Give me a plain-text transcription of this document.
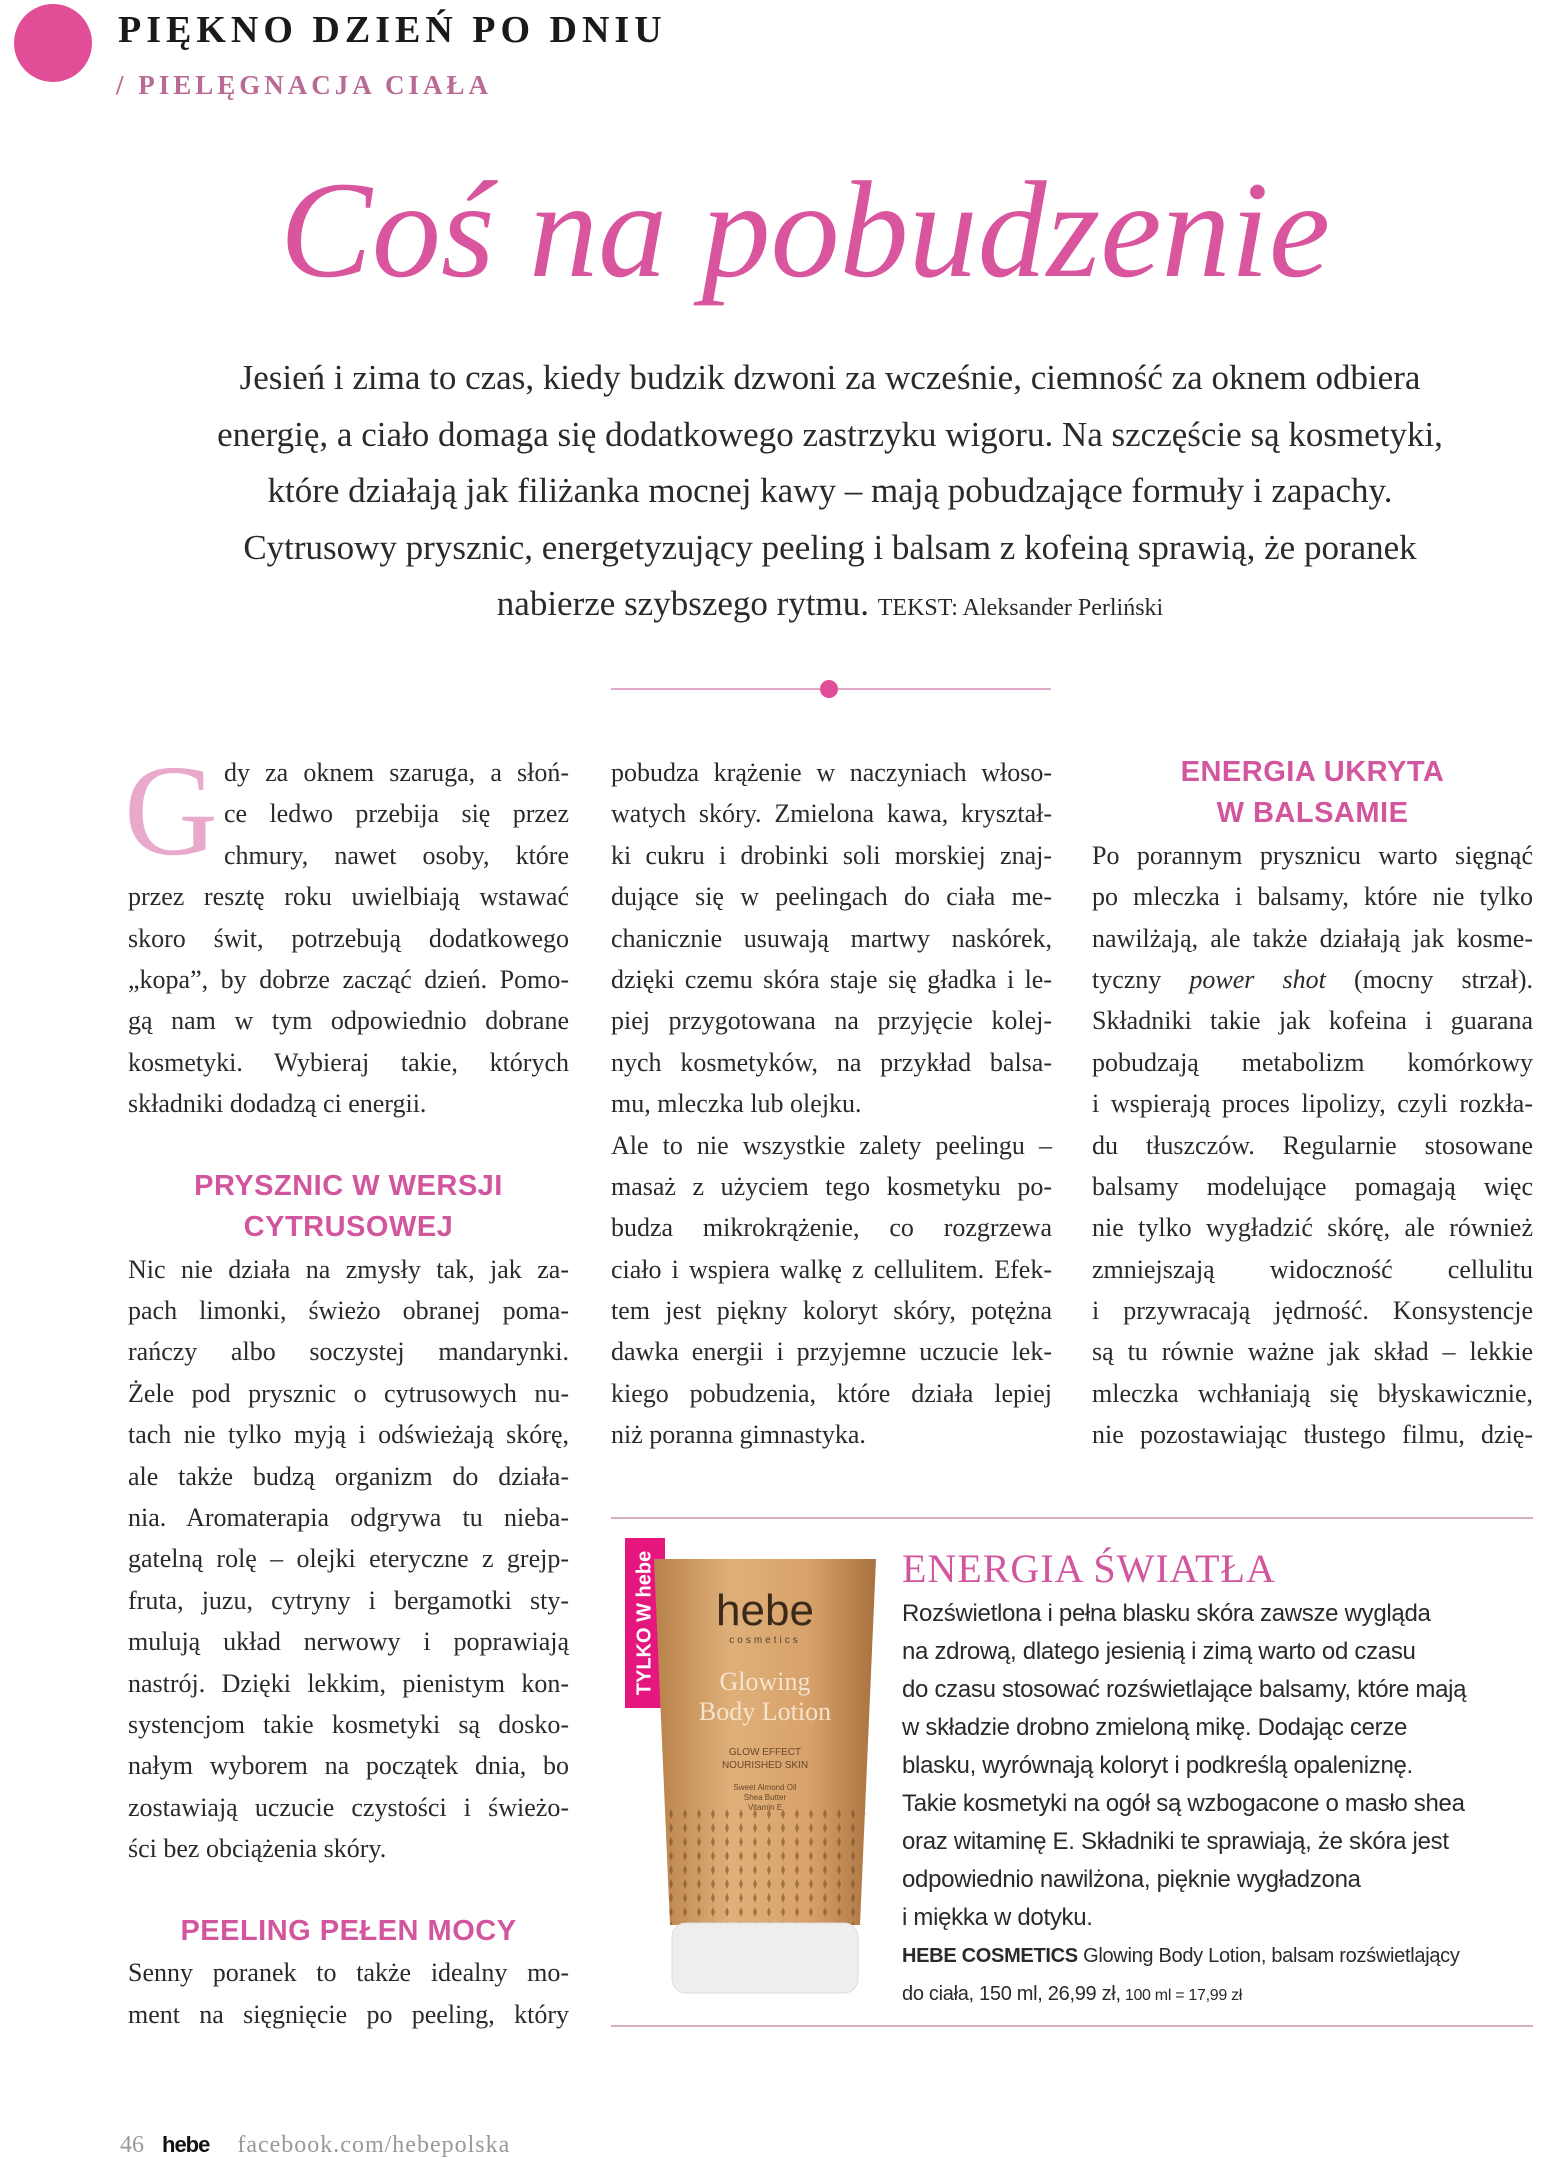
PIĘKNO DZIEŃ PO DNIU
/ PIELĘGNACJA CIAŁA
Coś na pobudzenie
Jesień i zima to czas, kiedy budzik dzwoni za wcześnie, ciemność za oknem odbiera
energię, a ciało domaga się dodatkowego zastrzyku wigoru. Na szczęście są kosmetyki,
które działają jak filiżanka mocnej kawy – mają pobudzające formuły i zapachy.
Cytrusowy prysznic, energetyzujący peeling i balsam z kofeiną sprawią, że poranek
nabierze szybszego rytmu. TEKST: Aleksander Perliński
G dy za oknem szaruga, a słoń-
ce ledwo przebija się przez
chmury, nawet osoby, które
przez resztę roku uwielbiają wstawać
skoro świt, potrzebują dodatkowego
„kopa”, by dobrze zacząć dzień. Pomo-
gą nam w tym odpowiednio dobrane
kosmetyki. Wybieraj takie, których
składniki dodadzą ci energii.
PRYSZNIC W WERSJI
CYTRUSOWEJ
Nic nie działa na zmysły tak, jak za-
pach limonki, świeżo obranej poma-
rańczy albo soczystej mandarynki.
Żele pod prysznic o cytrusowych nu-
tach nie tylko myją i odświeżają skórę,
ale także budzą organizm do działa-
nia. Aromaterapia odgrywa tu nieba-
gatelną rolę – olejki eteryczne z grejp-
fruta, juzu, cytryny i bergamotki sty-
mulują układ nerwowy i poprawiają
nastrój. Dzięki lekkim, pienistym kon-
systencjom takie kosmetyki są dosko-
nałym wyborem na początek dnia, bo
zostawiają uczucie czystości i świeżo-
ści bez obciążenia skóry.
PEELING PEŁEN MOCY
Senny poranek to także idealny mo-
ment na sięgnięcie po peeling, który
pobudza krążenie w naczyniach włoso-
watych skóry. Zmielona kawa, kryształ-
ki cukru i drobinki soli morskiej znaj-
dujące się w peelingach do ciała me-
chanicznie usuwają martwy naskórek,
dzięki czemu skóra staje się gładka i le-
piej przygotowana na przyjęcie kolej-
nych kosmetyków, na przykład balsa-
mu, mleczka lub olejku.
Ale to nie wszystkie zalety peelingu –
masaż z użyciem tego kosmetyku po-
budza mikrokrążenie, co rozgrzewa
ciało i wspiera walkę z cellulitem. Efek-
tem jest piękny koloryt skóry, potężna
dawka energii i przyjemne uczucie lek-
kiego pobudzenia, które działa lepiej
niż poranna gimnastyka.
ENERGIA UKRYTA
W BALSAMIE
Po porannym prysznicu warto sięgnąć
po mleczka i balsamy, które nie tylko
nawilżają, ale także działają jak kosme-
tyczny power shot (mocny strzał).
Składniki takie jak kofeina i guarana
pobudzają metabolizm komórkowy
i wspierają proces lipolizy, czyli rozkła-
du tłuszczów. Regularnie stosowane
balsamy modelujące pomagają więc
nie tylko wygładzić skórę, ale również
zmniejszają widoczność cellulitu
i przywracają jędrność. Konsystencje
są tu równie ważne jak skład – lekkie
mleczka wchłaniają się błyskawicznie,
nie pozostawiając tłustego filmu, dzię-
TYLKO W hebe hebe
cosmetics
Glowing
Body Lotion
GLOW EFFECT
NOURISHED SKIN
Sweet Almond Oil
Shea Butter
Vitamin E
ENERGIA ŚWIATŁA
Rozświetlona i pełna blasku skóra zawsze wygląda
na zdrową, dlatego jesienią i zimą warto od czasu
do czasu stosować rozświetlające balsamy, które mają
w składzie drobno zmieloną mikę. Dodając cerze
blasku, wyrównają koloryt i podkreślą opaleniznę.
Takie kosmetyki na ogół są wzbogacone o masło shea
oraz witaminę E. Składniki te sprawiają, że skóra jest
odpowiednio nawilżona, pięknie wygładzona
i miękka w dotyku.
HEBE COSMETICS Glowing Body Lotion, balsam rozświetlający
do ciała, 150 ml, 26,99 zł, 100 ml = 17,99 zł
46 hebe facebook.com/hebepolska
